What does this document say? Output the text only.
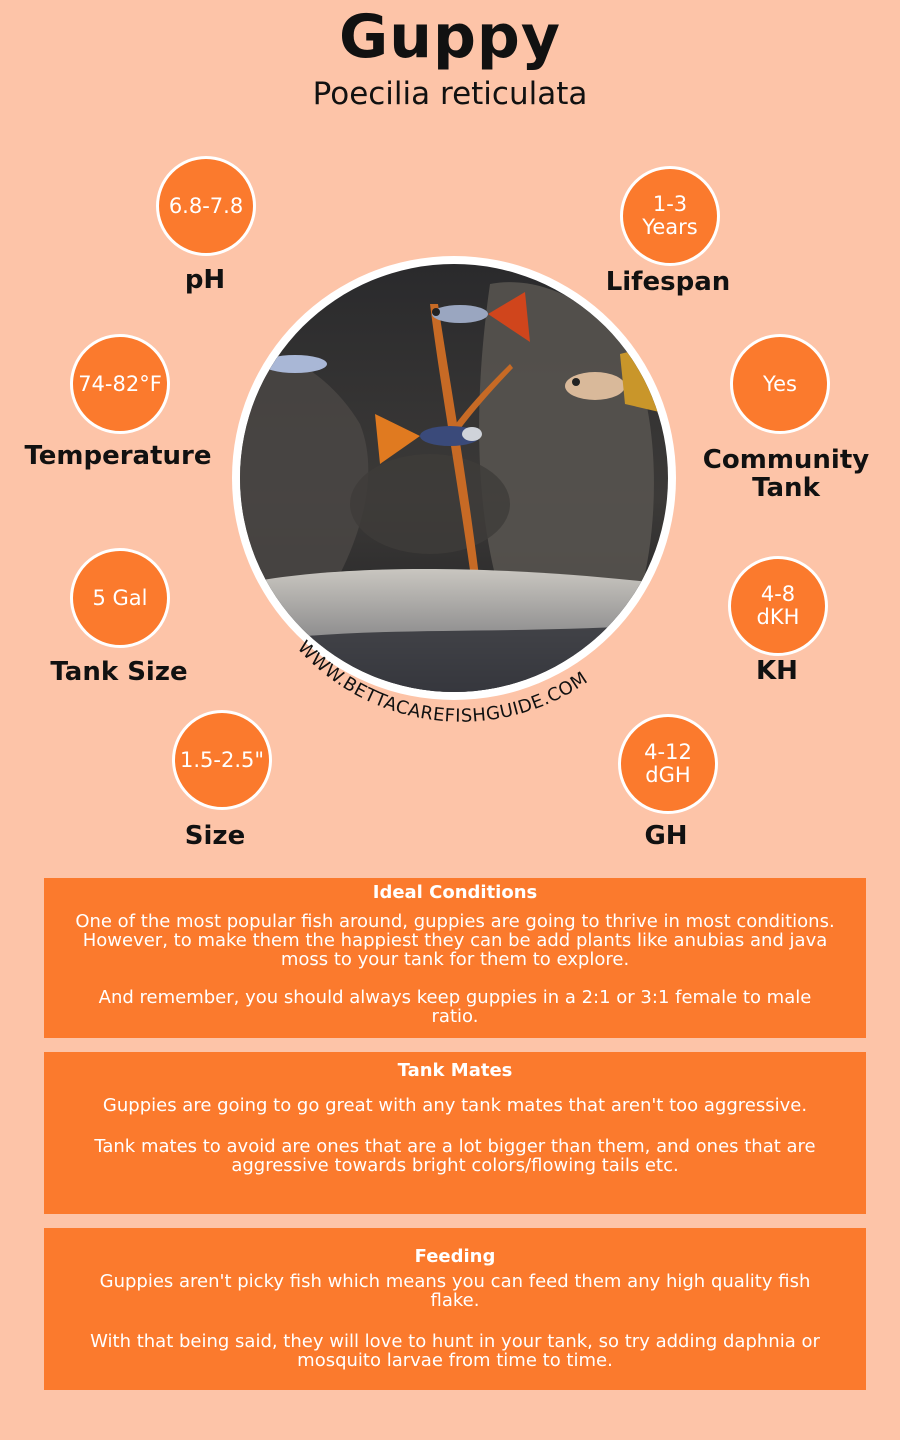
Guppy
Poecilia reticulata
6.8-7.8
pH
1-3
Years
Lifespan
74-82°F
Temperature
Yes
Community
Tank
5 Gal
Tank Size
4-8
dKH
KH
1.5-2.5"
Size
4-12
dGH
GH
WWW.BETTACAREFISHGUIDE.COM
Ideal Conditions

One of the most popular fish around, guppies are going to thrive in most conditions. However, to make them the happiest they can be add plants like anubias and java moss to your tank for them to explore.

And remember, you should always keep guppies in a 2:1 or 3:1 female to male ratio.

Tank Mates

Guppies are going to go great with any tank mates that aren't too aggressive.

Tank mates to avoid are ones that are a lot bigger than them, and ones that are aggressive towards bright colors/flowing tails etc.

Feeding

Guppies aren't picky fish which means you can feed them any high quality fish flake.

With that being said, they will love to hunt in your tank, so try adding daphnia or mosquito larvae from time to time.
